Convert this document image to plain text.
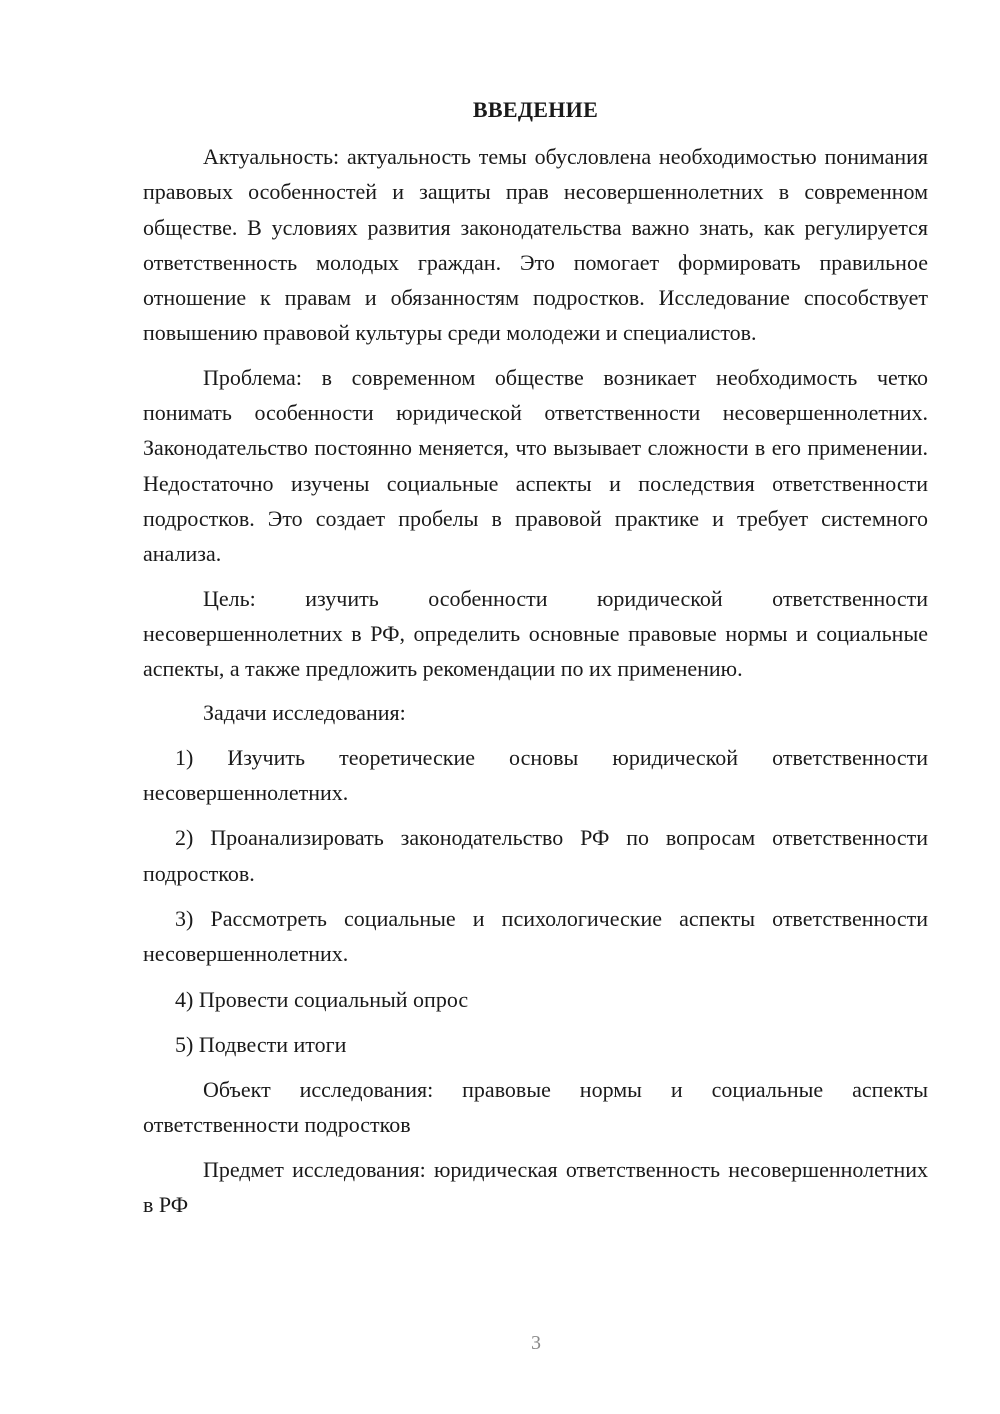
ВВЕДЕНИЕ

Актуальность: актуальность темы обусловлена необходимостью понимания правовых особенностей и защиты прав несовершеннолетних в современном обществе. В условиях развития законодательства важно знать, как регулируется ответственность молодых граждан. Это помогает формировать правильное отношение к правам и обязанностям подростков. Исследование способствует повышению правовой культуры среди молодежи и специалистов.

Проблема: в современном обществе возникает необходимость четко понимать особенности юридической ответственности несовершеннолетних. Законодательство постоянно меняется, что вызывает сложности в его применении. Недостаточно изучены социальные аспекты и последствия ответственности подростков. Это создает пробелы в правовой практике и требует системного анализа.

Цель: изучить особенности юридической ответственности несовершеннолетних в РФ, определить основные правовые нормы и социальные аспекты, а также предложить рекомендации по их применению.

Задачи исследования:

1) Изучить теоретические основы юридической ответственности несовершеннолетних.

2) Проанализировать законодательство РФ по вопросам ответственности подростков.

3) Рассмотреть социальные и психологические аспекты ответственности несовершеннолетних.

4) Провести социальный опрос

5) Подвести итоги

Объект исследования: правовые нормы и социальные аспекты ответственности подростков

Предмет исследования: юридическая ответственность несовершеннолетних в РФ

3
